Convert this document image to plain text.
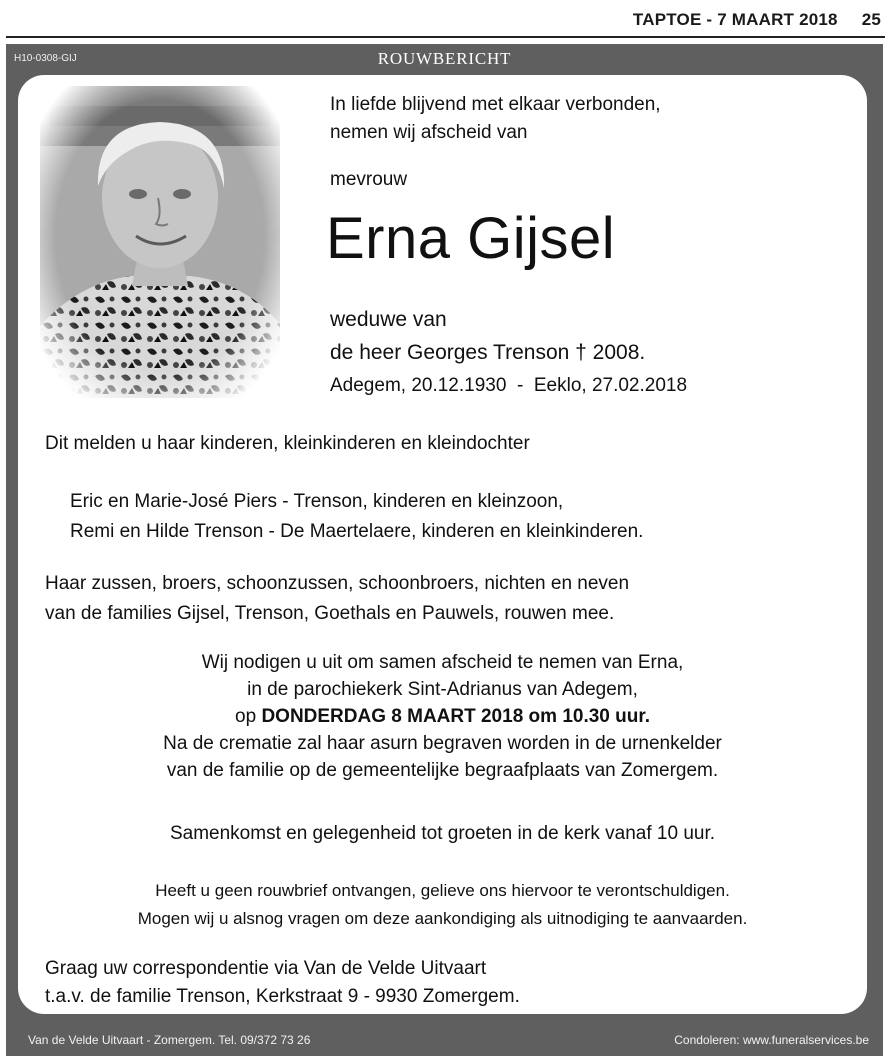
TAPTOE - 7 MAART 2018 25
H10-0308-GIJ	ROUWBERICHT
In liefde blijvend met elkaar verbonden,
nemen wij afscheid van
mevrouw
Erna Gijsel
weduwe van
de heer Georges Trenson † 2008.
Adegem, 20.12.1930  -  Eeklo, 27.02.2018
Dit melden u haar kinderen, kleinkinderen en kleindochter
Eric en Marie-José Piers - Trenson, kinderen en kleinzoon,
Remi en Hilde Trenson - De Maertelaere, kinderen en kleinkinderen.
Haar zussen, broers, schoonzussen, schoonbroers, nichten en neven
van de families Gijsel, Trenson, Goethals en Pauwels, rouwen mee.
Wij nodigen u uit om samen afscheid te nemen van Erna,
in de parochiekerk Sint-Adrianus van Adegem,
op DONDERDAG 8 MAART 2018 om 10.30 uur.
Na de crematie zal haar asurn begraven worden in de urnenkelder
van de familie op de gemeentelijke begraafplaats van Zomergem.
Samenkomst en gelegenheid tot groeten in de kerk vanaf 10 uur.
Heeft u geen rouwbrief ontvangen, gelieve ons hiervoor te verontschuldigen.
Mogen wij u alsnog vragen om deze aankondiging als uitnodiging te aanvaarden.
Graag uw correspondentie via Van de Velde Uitvaart
t.a.v. de familie Trenson, Kerkstraat 9 - 9930 Zomergem.
Van de Velde Uitvaart - Zomergem. Tel. 09/372 73 26	Condoleren: www.funeralservices.be
